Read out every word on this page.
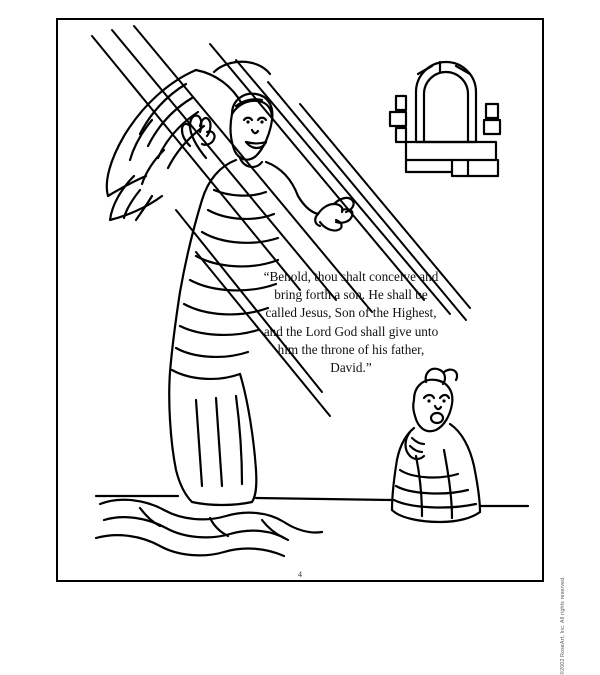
“Behold, thou shalt conceive and bring forth a son. He shall be called Jesus, Son of the Highest, and the Lord God shall give unto him the throne of his father, David.”
4
©2002 RoseArt, Inc. All rights reserved.
